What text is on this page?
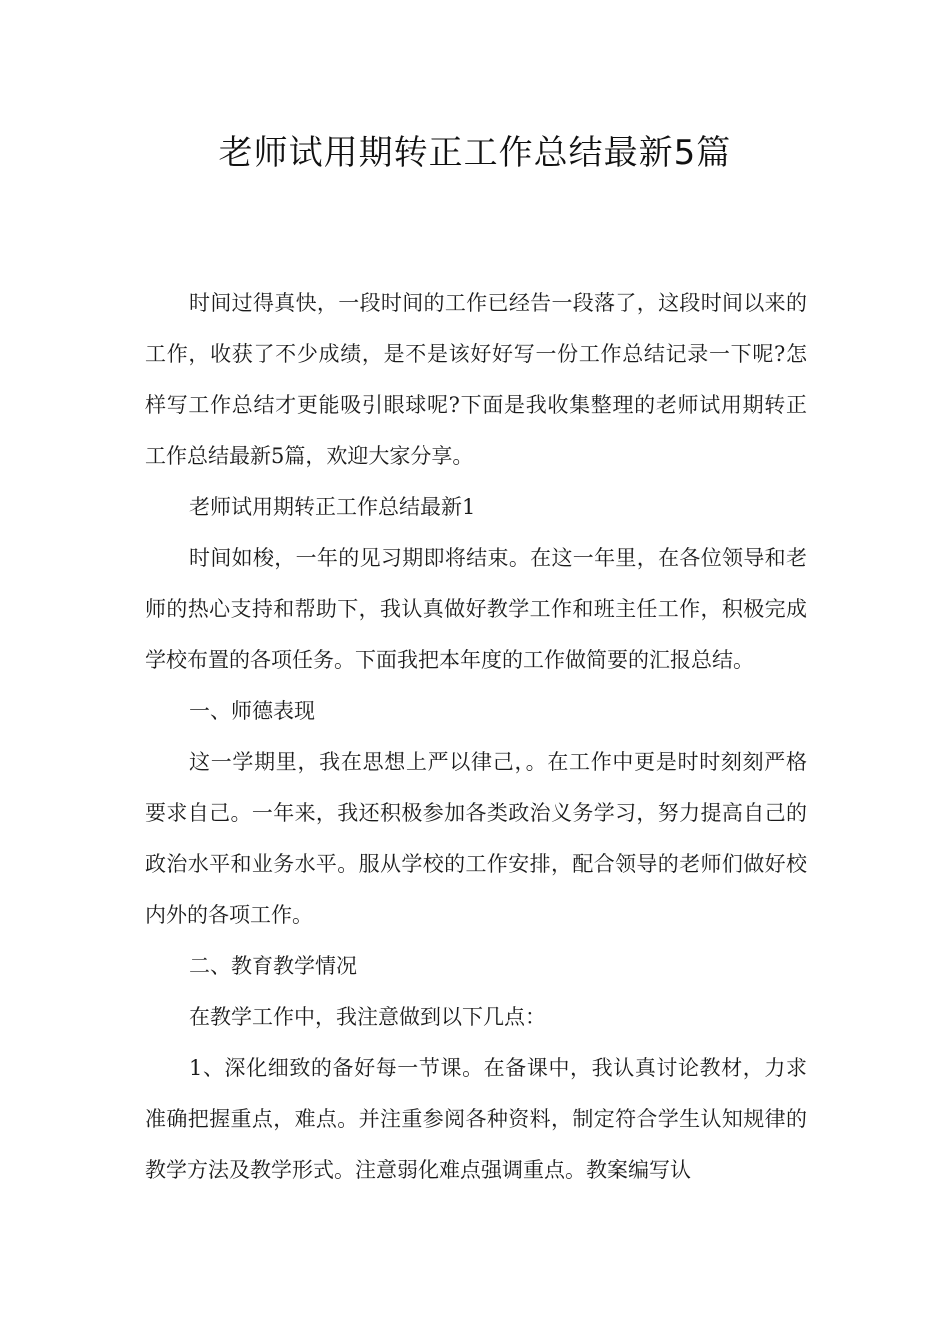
老师试用期转正工作总结最新5篇

时间过得真快，一段时间的工作已经告一段落了，这段时间以来的工作，收获了不少成绩，是不是该好好写一份工作总结记录一下呢?怎样写工作总结才更能吸引眼球呢?下面是我收集整理的老师试用期转正工作总结最新5篇，欢迎大家分享。

老师试用期转正工作总结最新1

时间如梭，一年的见习期即将结束。在这一年里，在各位领导和老师的热心支持和帮助下，我认真做好教学工作和班主任工作，积极完成学校布置的各项任务。下面我把本年度的工作做简要的汇报总结。

一、师德表现

这一学期里，我在思想上严以律己，。在工作中更是时时刻刻严格要求自己。一年来，我还积极参加各类政治义务学习，努力提高自己的政治水平和业务水平。服从学校的工作安排，配合领导的老师们做好校内外的各项工作。

二、教育教学情况

在教学工作中，我注意做到以下几点：

1、深化细致的备好每一节课。在备课中，我认真讨论教材，力求准确把握重点，难点。并注重参阅各种资料，制定符合学生认知规律的教学方法及教学形式。注意弱化难点强调重点。教案编写认
